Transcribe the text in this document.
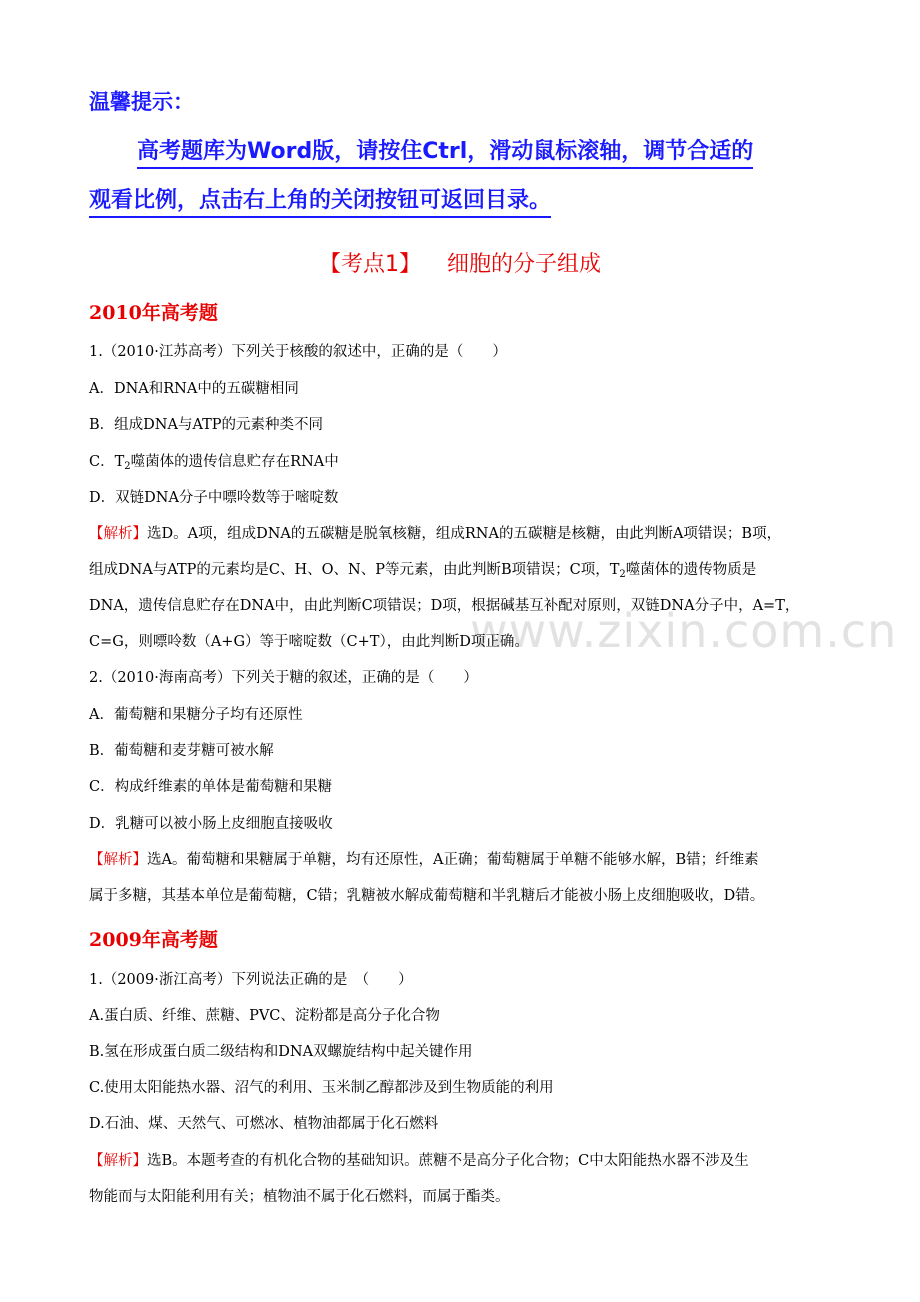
www.zixin.com.cn
温馨提示：
高考题库为Word版，请按住Ctrl，滑动鼠标滚轴，调节合适的
观看比例，点击右上角的关闭按钮可返回目录。
【考点1】 细胞的分子组成
2010年高考题
1.（2010·江苏高考）下列关于核酸的叙述中，正确的是（　　）
A．DNA和RNA中的五碳糖相同
B．组成DNA与ATP的元素种类不同
C．$T_2$噬菌体的遗传信息贮存在RNA中
D．双链DNA分子中嘌呤数等于嘧啶数
【解析】选D。A项，组成DNA的五碳糖是脱氧核糖，组成RNA的五碳糖是核糖，由此判断A项错误；B项，
组成DNA与ATP的元素均是C、H、O、N、P等元素，由此判断B项错误；C项，$T_2$噬菌体的遗传物质是
DNA，遗传信息贮存在DNA中，由此判断C项错误；D项，根据碱基互补配对原则，双链DNA分子中，A=T，
C=G，则嘌呤数（A+G）等于嘧啶数（C+T），由此判断D项正确。
2.（2010·海南高考）下列关于糖的叙述，正确的是（　　）
A．葡萄糖和果糖分子均有还原性
B．葡萄糖和麦芽糖可被水解
C．构成纤维素的单体是葡萄糖和果糖
D．乳糖可以被小肠上皮细胞直接吸收
【解析】选A。葡萄糖和果糖属于单糖，均有还原性，A正确；葡萄糖属于单糖不能够水解，B错；纤维素
属于多糖，其基本单位是葡萄糖，C错；乳糖被水解成葡萄糖和半乳糖后才能被小肠上皮细胞吸收，D错。
2009年高考题
1.（2009·浙江高考）下列说法正确的是　（　　）
A.蛋白质、纤维、蔗糖、PVC、淀粉都是高分子化合物
B.氢在形成蛋白质二级结构和DNA双螺旋结构中起关键作用
C.使用太阳能热水器、沼气的利用、玉米制乙醇都涉及到生物质能的利用
D.石油、煤、天然气、可燃冰、植物油都属于化石燃料
【解析】选B。本题考查的有机化合物的基础知识。蔗糖不是高分子化合物；C中太阳能热水器不涉及生
物能而与太阳能利用有关；植物油不属于化石燃料，而属于酯类。
